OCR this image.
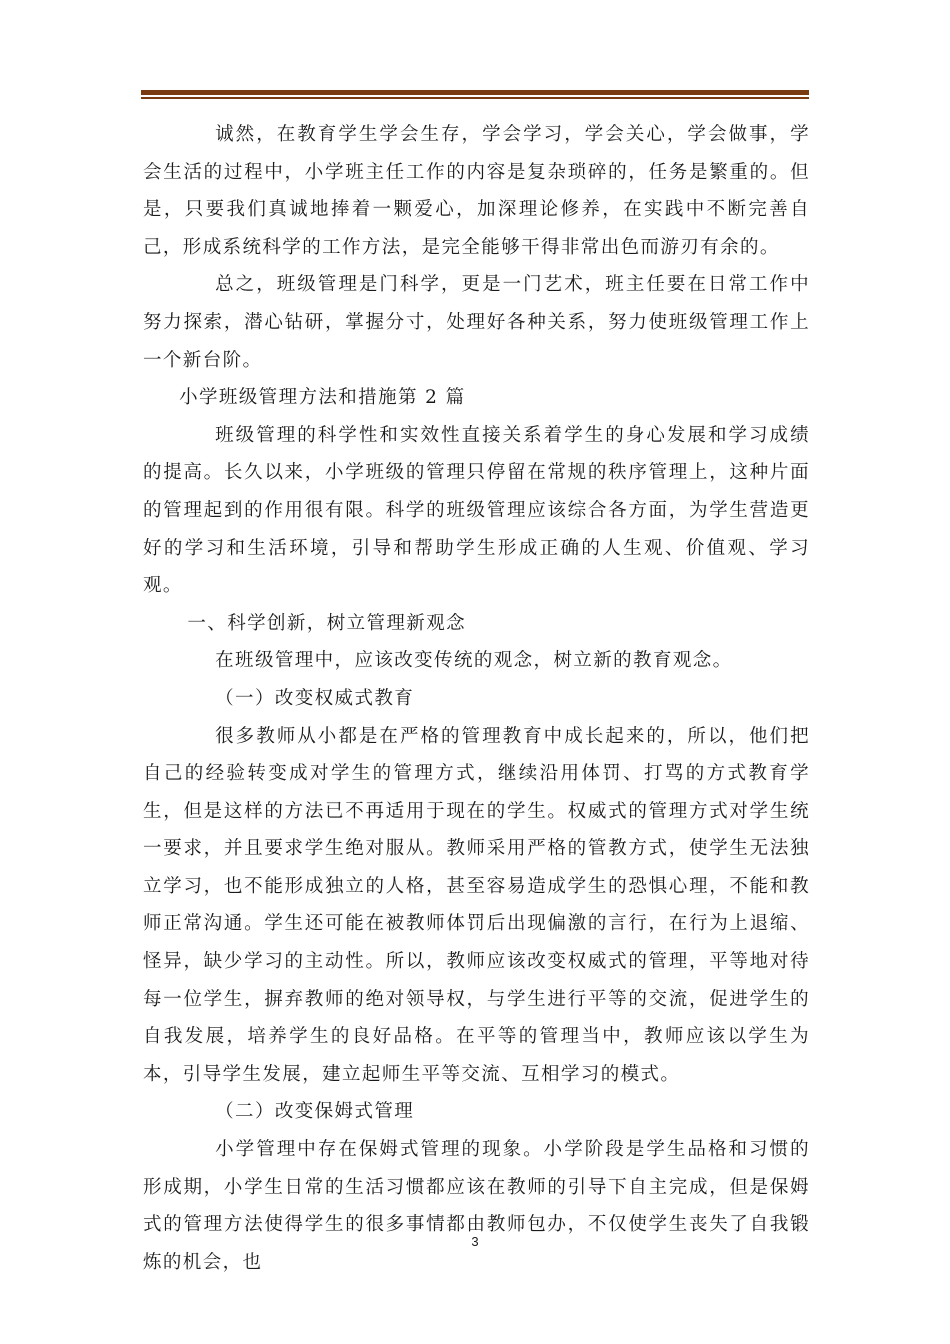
诚然，在教育学生学会生存，学会学习，学会关心，学会做事，学会生活的过程中，小学班主任工作的内容是复杂琐碎的，任务是繁重的。但是，只要我们真诚地捧着一颗爱心，加深理论修养，在实践中不断完善自己，形成系统科学的工作方法，是完全能够干得非常出色而游刃有余的。

总之，班级管理是门科学，更是一门艺术，班主任要在日常工作中努力探索，潜心钻研，掌握分寸，处理好各种关系，努力使班级管理工作上一个新台阶。

小学班级管理方法和措施第 2 篇

班级管理的科学性和实效性直接关系着学生的身心发展和学习成绩的提高。长久以来，小学班级的管理只停留在常规的秩序管理上，这种片面的管理起到的作用很有限。科学的班级管理应该综合各方面，为学生营造更好的学习和生活环境，引导和帮助学生形成正确的人生观、价值观、学习观。

一、科学创新，树立管理新观念

在班级管理中，应该改变传统的观念，树立新的教育观念。

（一）改变权威式教育

很多教师从小都是在严格的管理教育中成长起来的，所以，他们把自己的经验转变成对学生的管理方式，继续沿用体罚、打骂的方式教育学生，但是这样的方法已不再适用于现在的学生。权威式的管理方式对学生统一要求，并且要求学生绝对服从。教师采用严格的管教方式，使学生无法独立学习，也不能形成独立的人格，甚至容易造成学生的恐惧心理，不能和教师正常沟通。学生还可能在被教师体罚后出现偏激的言行，在行为上退缩、怪异，缺少学习的主动性。所以，教师应该改变权威式的管理，平等地对待每一位学生，摒弃教师的绝对领导权，与学生进行平等的交流，促进学生的自我发展，培养学生的良好品格。在平等的管理当中，教师应该以学生为本，引导学生发展，建立起师生平等交流、互相学习的模式。

（二）改变保姆式管理

小学管理中存在保姆式管理的现象。小学阶段是学生品格和习惯的形成期，小学生日常的生活习惯都应该在教师的引导下自主完成，但是保姆式的管理方法使得学生的很多事情都由教师包办，不仅使学生丧失了自我锻炼的机会，也

3
